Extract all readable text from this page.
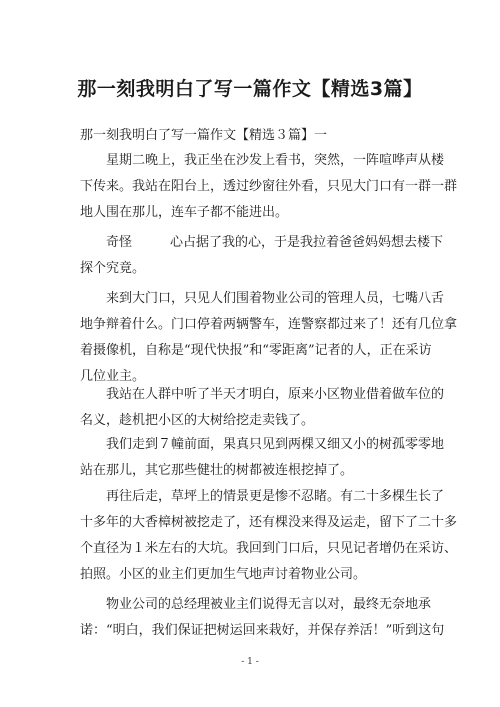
那一刻我明白了写一篇作文【精选3篇】
那一刻我明白了写一篇作文【精选３篇】一
星期二晚上，我正坐在沙发上看书，突然，一阵喧哗声从楼
下传来。我站在阳台上，透过纱窗往外看，只见大门口有一群一群
地人围在那儿，连车子都不能进出。
奇怪	心占据了我的心，于是我拉着爸爸妈妈想去楼下
探个究竟。
来到大门口，只见人们围着物业公司的管理人员，七嘴八舌
地争辩着什么。门口停着两辆警车，连警察都过来了！还有几位拿
着摄像机，自称是“现代快报”和“零距离”记者的人，正在采访
几位业主。
我站在人群中听了半天才明白，原来小区物业借着做车位的
名义，趁机把小区的大树给挖走卖钱了。
我们走到７幢前面，果真只见到两棵又细又小的树孤零零地
站在那儿，其它那些健壮的树都被连根挖掉了。
再往后走，草坪上的情景更是惨不忍睹。有二十多棵生长了
十多年的大香樟树被挖走了，还有棵没来得及运走，留下了二十多
个直径为１米左右的大坑。我回到门口后，只见记者增仍在采访、
拍照。小区的业主们更加生气地声讨着物业公司。
物业公司的总经理被业主们说得无言以对，最终无奈地承
诺：“明白，我们保证把树运回来栽好，并保存养活！”听到这句
- 1 -
